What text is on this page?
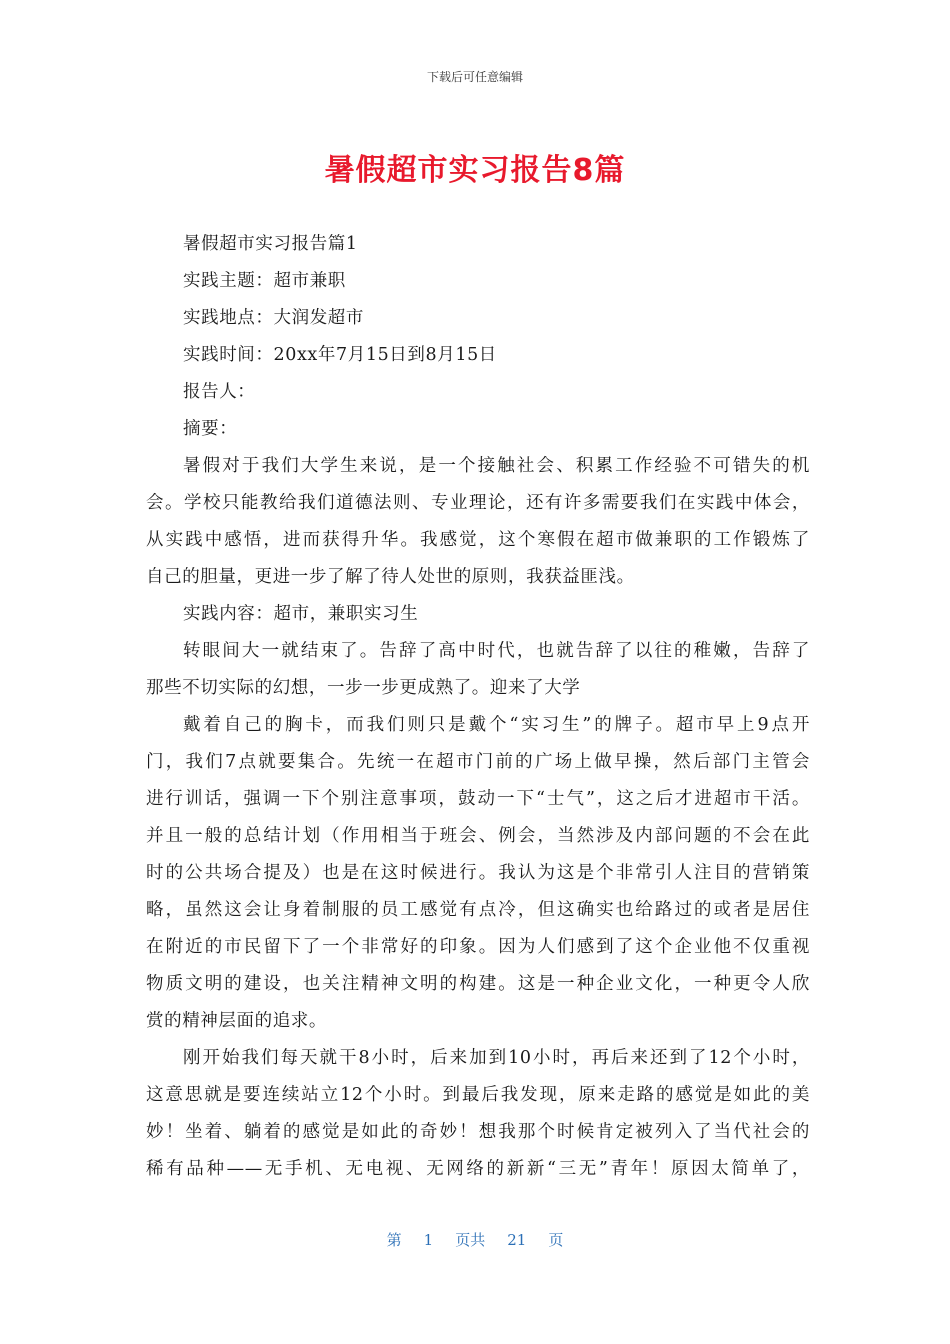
下载后可任意编辑
暑假超市实习报告8篇
暑假超市实习报告篇1
实践主题：超市兼职
实践地点：大润发超市
实践时间：20xx年7月15日到8月15日
报告人：
摘要：
暑假对于我们大学生来说，是一个接触社会、积累工作经验不可错失的机
会。学校只能教给我们道德法则、专业理论，还有许多需要我们在实践中体会，
从实践中感悟，进而获得升华。我感觉，这个寒假在超市做兼职的工作锻炼了
自己的胆量，更进一步了解了待人处世的原则，我获益匪浅。
实践内容：超市，兼职实习生
转眼间大一就结束了。告辞了高中时代，也就告辞了以往的稚嫩，告辞了
那些不切实际的幻想，一步一步更成熟了。迎来了大学
戴着自己的胸卡，而我们则只是戴个“实习生”的牌子。超市早上9点开
门，我们7点就要集合。先统一在超市门前的广场上做早操，然后部门主管会
进行训话，强调一下个别注意事项，鼓动一下“士气”，这之后才进超市干活。
并且一般的总结计划（作用相当于班会、例会，当然涉及内部问题的不会在此
时的公共场合提及）也是在这时候进行。我认为这是个非常引人注目的营销策
略，虽然这会让身着制服的员工感觉有点冷，但这确实也给路过的或者是居住
在附近的市民留下了一个非常好的印象。因为人们感到了这个企业他不仅重视
物质文明的建设，也关注精神文明的构建。这是一种企业文化，一种更令人欣
赏的精神层面的追求。
刚开始我们每天就干8小时，后来加到10小时，再后来还到了12个小时，
这意思就是要连续站立12个小时。到最后我发现，原来走路的感觉是如此的美
妙！坐着、躺着的感觉是如此的奇妙！想我那个时候肯定被列入了当代社会的
稀有品种——无手机、无电视、无网络的新新“三无”青年！原因太简单了，
第 1 页共 21 页
